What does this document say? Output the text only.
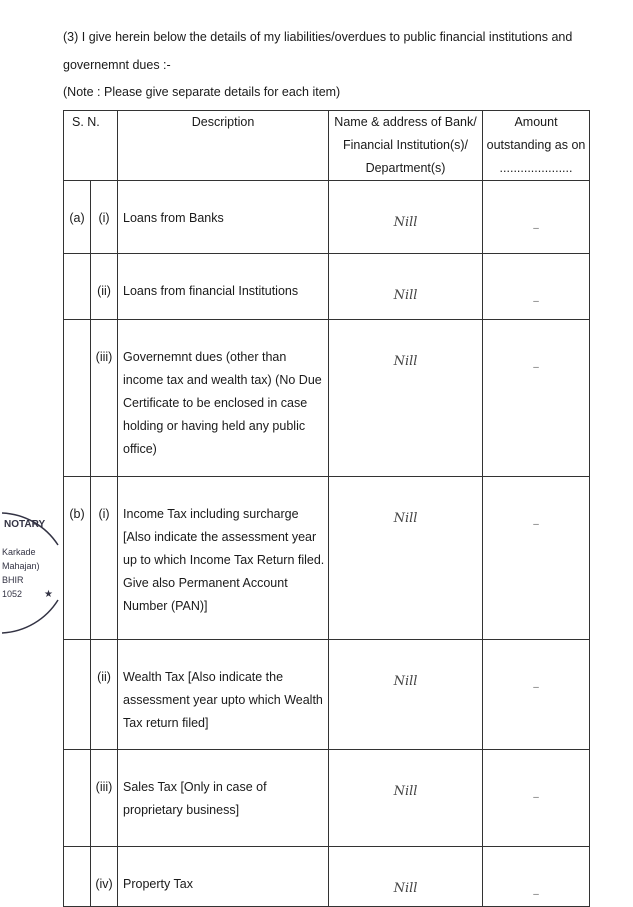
(3) I give herein below the details of my liabilities/overdues to public financial institutions and

governemnt dues :-

(Note : Please give separate details for each item)

S. N.		Description	Name & address of Bank/ Financial Institution(s)/ Department(s)	Amount outstanding as on
.....................
(a)	(i)	Loans from Banks	Nill	–

	(ii)	Loans from financial Institutions	Nill	–

	(iii)	Governemnt dues (other than income tax and wealth tax) (No Due Certificate to be enclosed in case holding or having held any public office)	Nill	–

(b)	(i)	Income Tax including surcharge [Also indicate the assessment year up to which Income Tax Return filed. Give also Permanent Account Number (PAN)]	Nill	–

	(ii)	Wealth Tax [Also indicate the assessment year upto which Wealth Tax return filed]	Nill	–

	(iii)	Sales Tax [Only in case of proprietary business]	Nill	–

	(iv)	Property Tax	Nill	–
NOTARY
Karkade
Mahajan)
BHIR
1052 ★
